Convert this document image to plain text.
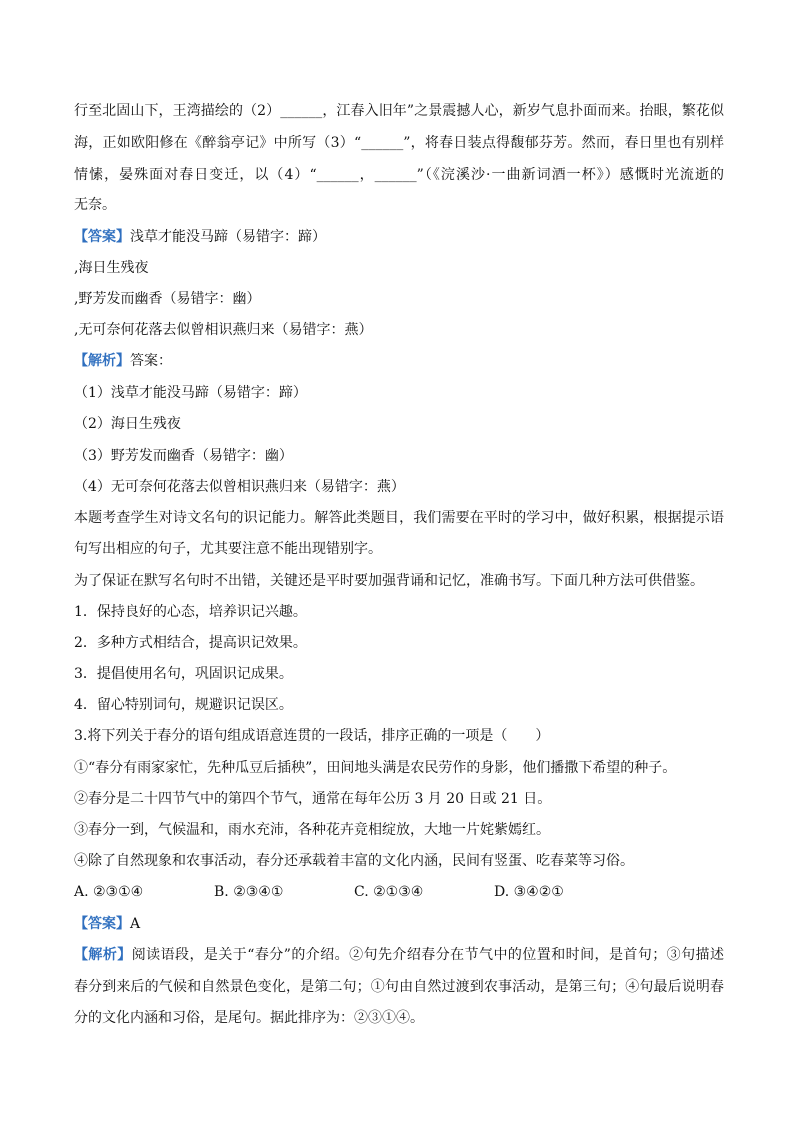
行至北固山下，王湾描绘的（2）______，江春入旧年”之景震撼人心，新岁气息扑面而来。抬眼，繁花似
海，正如欧阳修在《醉翁亭记》中所写（3）“______”，将春日装点得馥郁芬芳。然而，春日里也有别样
情愫，晏殊面对春日变迁，以（4）“______，______”（《浣溪沙·一曲新词酒一杯》）感慨时光流逝的
无奈。
【答案】浅草才能没马蹄（易错字：蹄）
,海日生残夜
,野芳发而幽香（易错字：幽）
,无可奈何花落去似曾相识燕归来（易错字：燕）
【解析】答案：
（1）浅草才能没马蹄（易错字：蹄）
（2）海日生残夜
（3）野芳发而幽香（易错字：幽）
（4）无可奈何花落去似曾相识燕归来（易错字：燕）
本题考查学生对诗文名句的识记能力。解答此类题目，我们需要在平时的学习中，做好积累，根据提示语
句写出相应的句子，尤其要注意不能出现错别字。
为了保证在默写名句时不出错，关键还是平时要加强背诵和记忆，准确书写。下面几种方法可供借鉴。
1．保持良好的心态，培养识记兴趣。
2．多种方式相结合，提高识记效果。
3．提倡使用名句，巩固识记成果。
4．留心特别词句，规避识记误区。
3.将下列关于春分的语句组成语意连贯的一段话，排序正确的一项是（　　）
①“春分有雨家家忙，先种瓜豆后插秧”，田间地头满是农民劳作的身影，他们播撒下希望的种子。
②春分是二十四节气中的第四个节气，通常在每年公历 3 月 20 日或 21 日。
③春分一到，气候温和，雨水充沛，各种花卉竞相绽放，大地一片姹紫嫣红。
④除了自然现象和农事活动，春分还承载着丰富的文化内涵，民间有竖蛋、吃春菜等习俗。
A. ②③①④	B. ②③④①	C. ②①③④	D. ③④②①
【答案】A
【解析】阅读语段，是关于“春分”的介绍。②句先介绍春分在节气中的位置和时间，是首句；③句描述
春分到来后的气候和自然景色变化，是第二句；①句由自然过渡到农事活动，是第三句；④句最后说明春
分的文化内涵和习俗，是尾句。据此排序为：②③①④。
